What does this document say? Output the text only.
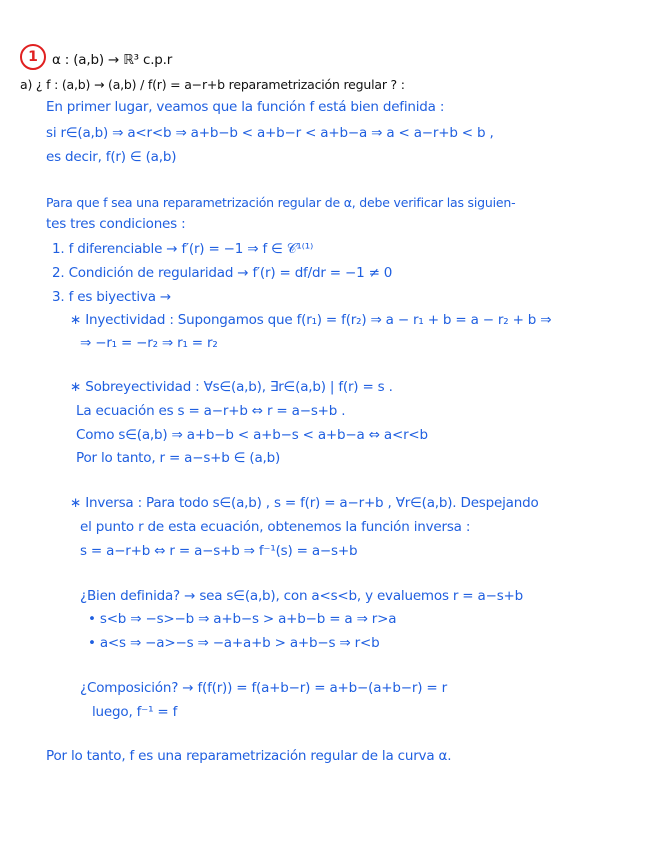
1	α : (a,b) → ℝ³ c.p.r
a) ¿ f : (a,b) → (a,b) / f(r) = a−r+b reparametrización regular ? :
En primer lugar, veamos que la función f está bien definida :
si r∈(a,b) ⇒ a<r<b ⇒ a+b−b < a+b−r < a+b−a ⇒ a < a−r+b < b ,
es decir, f(r) ∈ (a,b)
Para que f sea una reparametrización regular de α, debe verificar las siguien-
tes tres condiciones :
1. f diferenciable → f′(r) = −1 ⇒ f ∈ 𝒞¹⁽¹⁾
2. Condición de regularidad → f′(r) = df/dr = −1 ≠ 0
3. f es biyectiva →
∗ Inyectividad : Supongamos que f(r₁) = f(r₂) ⇒ a − r₁ + b = a − r₂ + b ⇒
⇒ −r₁ = −r₂ ⇒ r₁ = r₂
∗ Sobreyectividad : ∀s∈(a,b), ∃r∈(a,b) | f(r) = s .
La ecuación es s = a−r+b ⇔ r = a−s+b .
Como s∈(a,b) ⇒ a+b−b < a+b−s < a+b−a ⇔ a<r<b
Por lo tanto, r = a−s+b ∈ (a,b)
∗ Inversa : Para todo s∈(a,b) , s = f(r) = a−r+b , ∀r∈(a,b). Despejando
el punto r de esta ecuación, obtenemos la función inversa :
s = a−r+b ⇔ r = a−s+b ⇒ f⁻¹(s) = a−s+b
¿Bien definida? → sea s∈(a,b), con a<s<b, y evaluemos r = a−s+b
• s<b ⇒ −s>−b ⇒ a+b−s > a+b−b = a ⇒ r>a
• a<s ⇒ −a>−s ⇒ −a+a+b > a+b−s ⇒ r<b
¿Composición? → f(f(r)) = f(a+b−r) = a+b−(a+b−r) = r
luego, f⁻¹ = f
Por lo tanto, f es una reparametrización regular de la curva α.
